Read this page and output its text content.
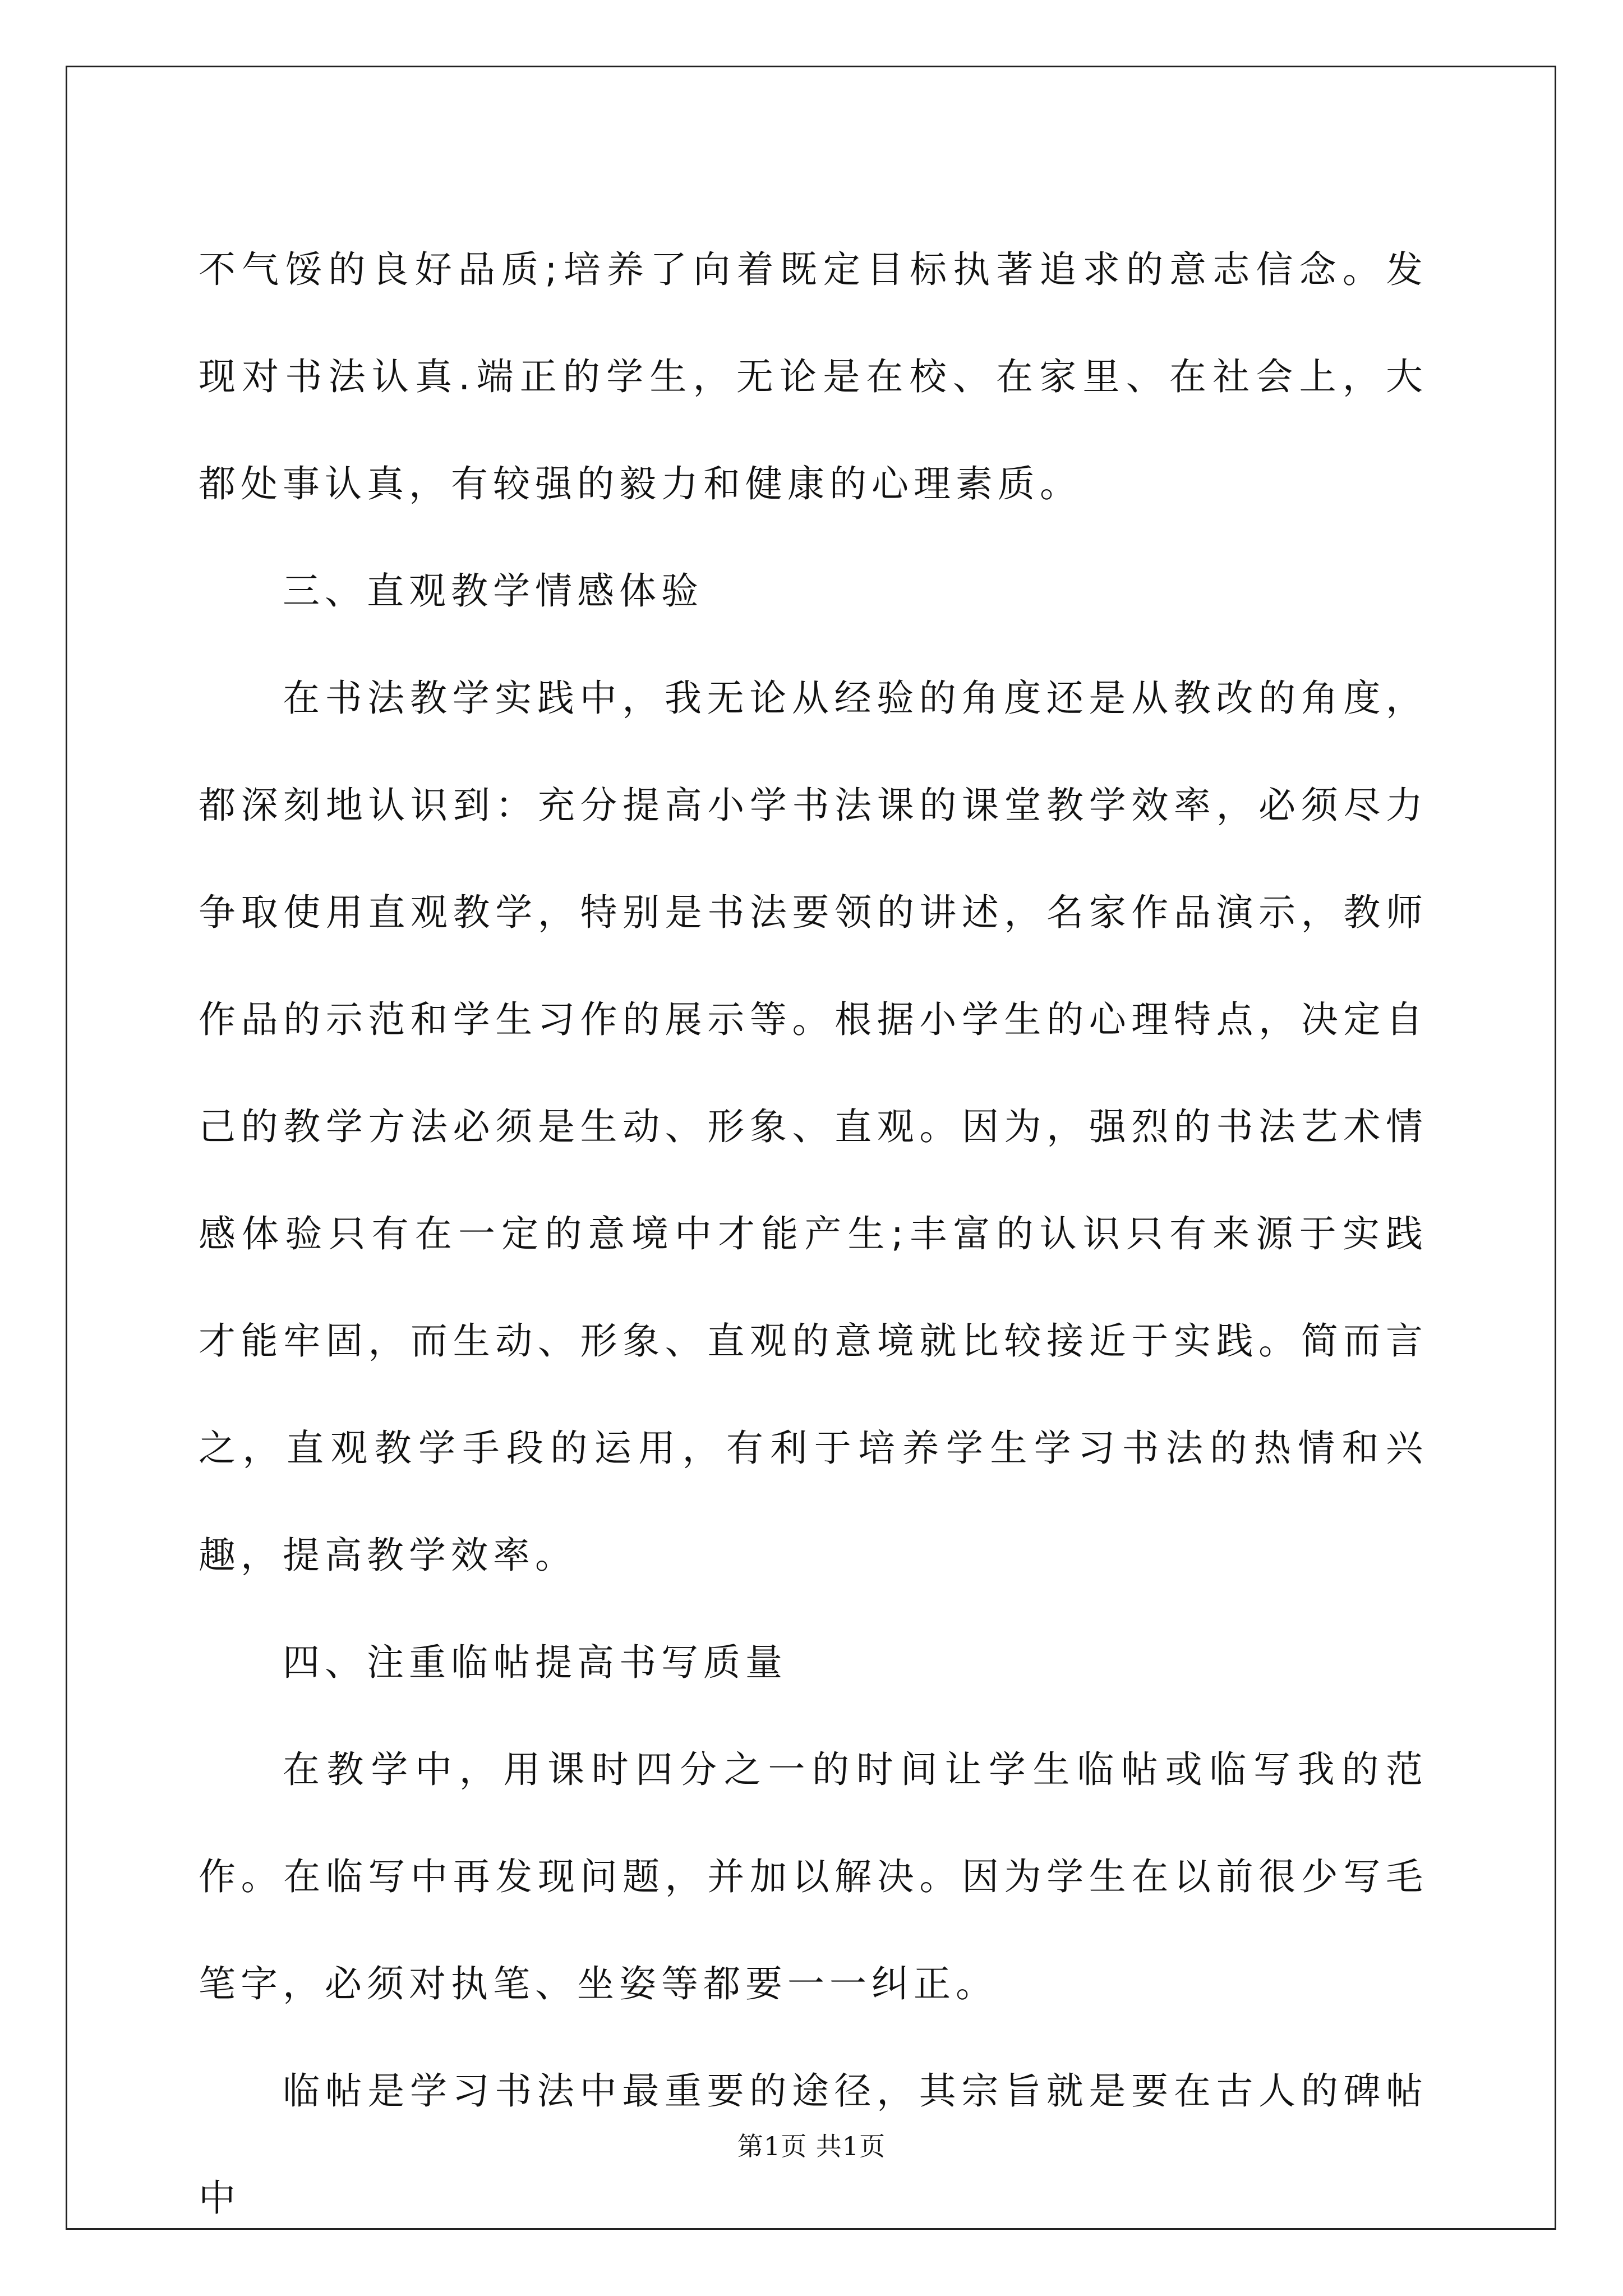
不气馁的良好品质;培养了向着既定目标执著追求的意志信念。发现对书法认真.端正的学生，无论是在校、在家里、在社会上，大都处事认真，有较强的毅力和健康的心理素质。

三、直观教学情感体验

在书法教学实践中，我无论从经验的角度还是从教改的角度，都深刻地认识到：充分提高小学书法课的课堂教学效率，必须尽力争取使用直观教学，特别是书法要领的讲述，名家作品演示，教师作品的示范和学生习作的展示等。根据小学生的心理特点，决定自己的教学方法必须是生动、形象、直观。因为，强烈的书法艺术情感体验只有在一定的意境中才能产生;丰富的认识只有来源于实践才能牢固，而生动、形象、直观的意境就比较接近于实践。简而言之，直观教学手段的运用，有利于培养学生学习书法的热情和兴趣，提高教学效率。

四、注重临帖提高书写质量

在教学中，用课时四分之一的时间让学生临帖或临写我的范作。在临写中再发现问题，并加以解决。因为学生在以前很少写毛笔字，必须对执笔、坐姿等都要一一纠正。

临帖是学习书法中最重要的途径，其宗旨就是要在古人的碑帖中

第1页 共1页
